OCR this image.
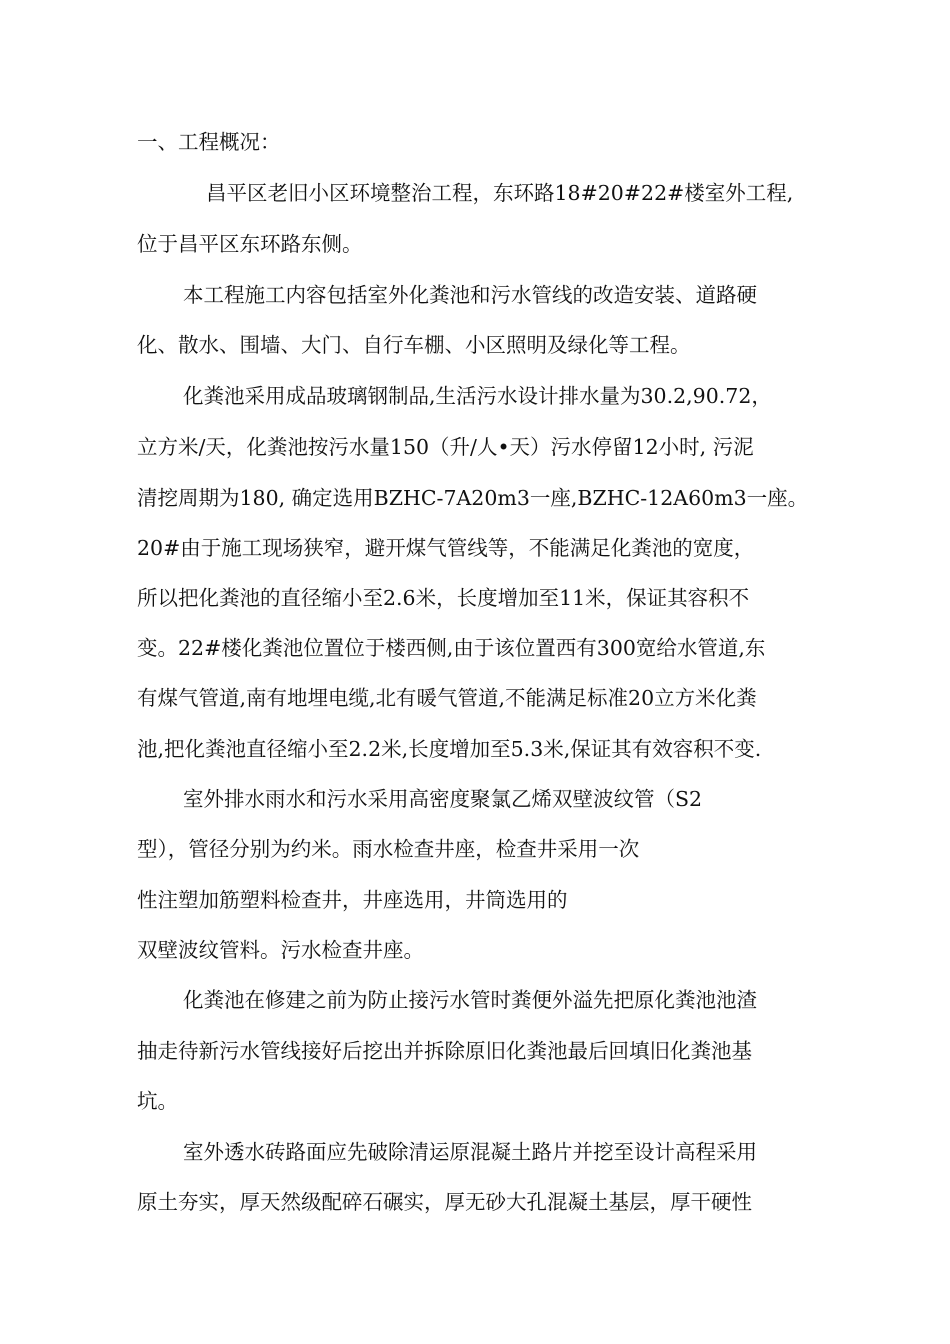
一、工程概况：
昌平区老旧小区环境整治工程，东环路18#20#22#楼室外工程,
位于昌平区东环路东侧。
本工程施工内容包括室外化粪池和污水管线的改造安装、道路硬
化、散水、围墙、大门、自行车棚、小区照明及绿化等工程。
化粪池采用成品玻璃钢制品,生活污水设计排水量为30.2,90.72，
立方米/天，化粪池按污水量150（升/人•天）污水停留12小时, 污泥
清挖周期为180, 确定选用BZHC-7A20m3一座,BZHC-12A60m3一座。
20#由于施工现场狭窄，避开煤气管线等，不能满足化粪池的宽度，
所以把化粪池的直径缩小至2.6米，长度增加至11米，保证其容积不
变。22#楼化粪池位置位于楼西侧,由于该位置西有300宽给水管道,东
有煤气管道,南有地埋电缆,北有暖气管道,不能满足标准20立方米化粪
池,把化粪池直径缩小至2.2米,长度增加至5.3米,保证其有效容积不变.
室外排水雨水和污水采用高密度聚氯乙烯双壁波纹管（S2
型），管径分别为约米。雨水检查井座，检查井采用一次
性注塑加筋塑料检查井，井座选用，井筒选用的
双壁波纹管料。污水检查井座。
化粪池在修建之前为防止接污水管时粪便外溢先把原化粪池池渣
抽走待新污水管线接好后挖出并拆除原旧化粪池最后回填旧化粪池基
坑。
室外透水砖路面应先破除清运原混凝土路片并挖至设计高程采用
原土夯实，厚天然级配碎石碾实，厚无砂大孔混凝土基层，厚干硬性
